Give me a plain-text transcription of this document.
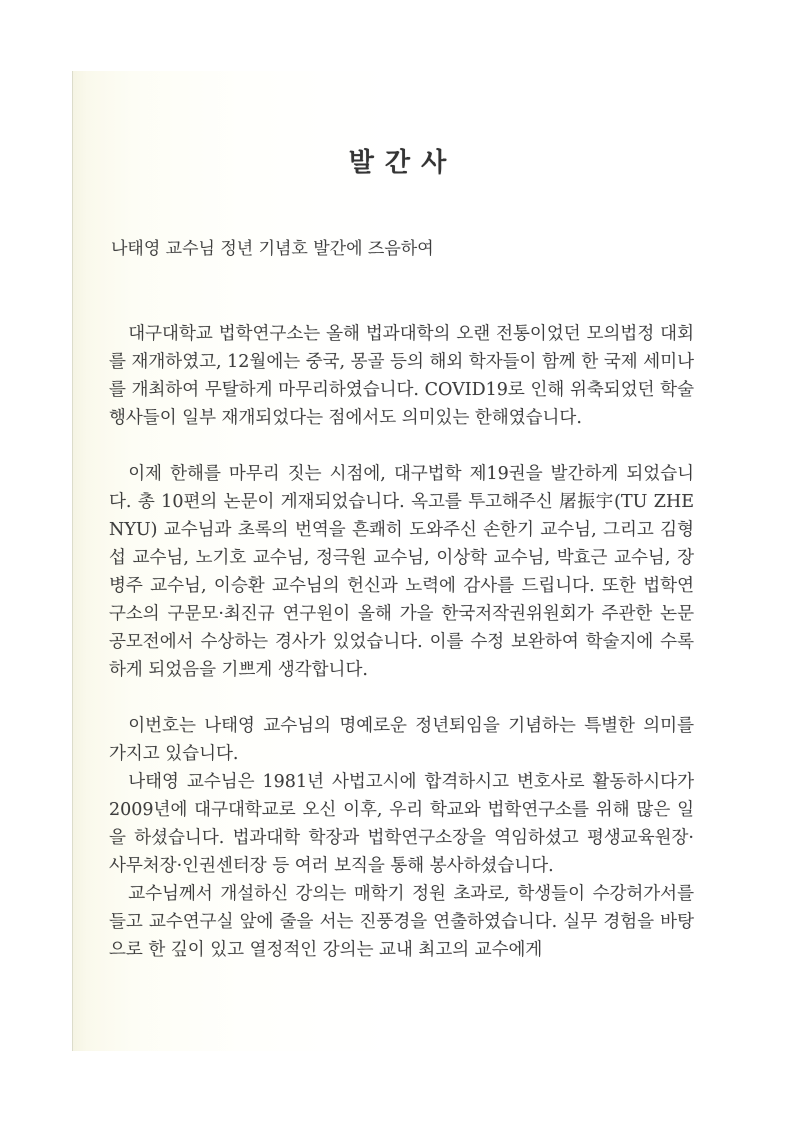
발 간 사
나태영 교수님 정년 기념호 발간에 즈음하여

대구대학교 법학연구소는 올해 법과대학의 오랜 전통이었던 모의법정 대회를 재개하였고, 12월에는 중국, 몽골 등의 해외 학자들이 함께 한 국제 세미나를 개최하여 무탈하게 마무리하였습니다. COVID19로 인해 위축되었던 학술 행사들이 일부 재개되었다는 점에서도 의미있는 한해였습니다.

이제 한해를 마무리 짓는 시점에, 대구법학 제19권을 발간하게 되었습니다. 총 10편의 논문이 게재되었습니다. 옥고를 투고해주신 屠振宇(TU ZHENYU) 교수님과 초록의 번역을 흔쾌히 도와주신 손한기 교수님, 그리고 김형섭 교수님, 노기호 교수님, 정극원 교수님, 이상학 교수님, 박효근 교수님, 장병주 교수님, 이승환 교수님의 헌신과 노력에 감사를 드립니다. 또한 법학연구소의 구문모·최진규 연구원이 올해 가을 한국저작권위원회가 주관한 논문공모전에서 수상하는 경사가 있었습니다. 이를 수정 보완하여 학술지에 수록하게 되었음을 기쁘게 생각합니다.

이번호는 나태영 교수님의 명예로운 정년퇴임을 기념하는 특별한 의미를 가지고 있습니다.

나태영 교수님은 1981년 사법고시에 합격하시고 변호사로 활동하시다가 2009년에 대구대학교로 오신 이후, 우리 학교와 법학연구소를 위해 많은 일을 하셨습니다. 법과대학 학장과 법학연구소장을 역임하셨고 평생교육원장·사무처장·인권센터장 등 여러 보직을 통해 봉사하셨습니다.

교수님께서 개설하신 강의는 매학기 정원 초과로, 학생들이 수강허가서를 들고 교수연구실 앞에 줄을 서는 진풍경을 연출하였습니다. 실무 경험을 바탕으로 한 깊이 있고 열정적인 강의는 교내 최고의 교수에게
